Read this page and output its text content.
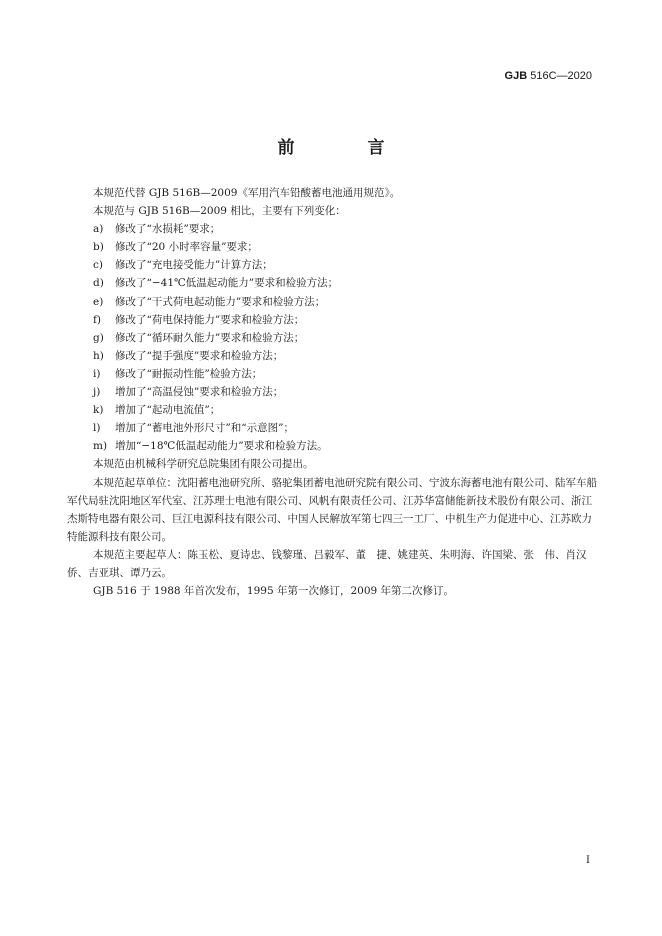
GJB 516C—2020
前　言

本规范代替 GJB 516B—2009《军用汽车铅酸蓄电池通用规范》。

本规范与 GJB 516B—2009 相比，主要有下列变化：

a)	修改了“水损耗”要求；

b)	修改了“20 小时率容量”要求；

c)	修改了“充电接受能力”计算方法；

d)	修改了“−41℃低温起动能力”要求和检验方法；

e)	修改了“干式荷电起动能力”要求和检验方法；

f)	修改了“荷电保持能力”要求和检验方法；

g)	修改了“循环耐久能力”要求和检验方法；

h)	修改了“提手强度”要求和检验方法；

i)	修改了“耐振动性能”检验方法；

j)	增加了“高温侵蚀”要求和检验方法；

k)	增加了“起动电流值”；

l)	增加了“蓄电池外形尺寸”和“示意图”；

m) 增加“−18℃低温起动能力”要求和检验方法。

本规范由机械科学研究总院集团有限公司提出。

本规范起草单位：沈阳蓄电池研究所、骆驼集团蓄电池研究院有限公司、宁波东海蓄电池有限公司、陆军车船军代局驻沈阳地区军代室、江苏理士电池有限公司、风帆有限责任公司、江苏华富储能新技术股份有限公司、浙江杰斯特电器有限公司、巨江电源科技有限公司、中国人民解放军第七四三一工厂、中机生产力促进中心、江苏欧力特能源科技有限公司。

本规范主要起草人：陈玉松、夏诗忠、钱黎瑾、吕毅军、董　捷、姚建英、朱明海、许国梁、张　伟、肖汉侨、吉亚琪、谭乃云。

GJB 516 于 1988 年首次发布，1995 年第一次修订，2009 年第二次修订。

I
